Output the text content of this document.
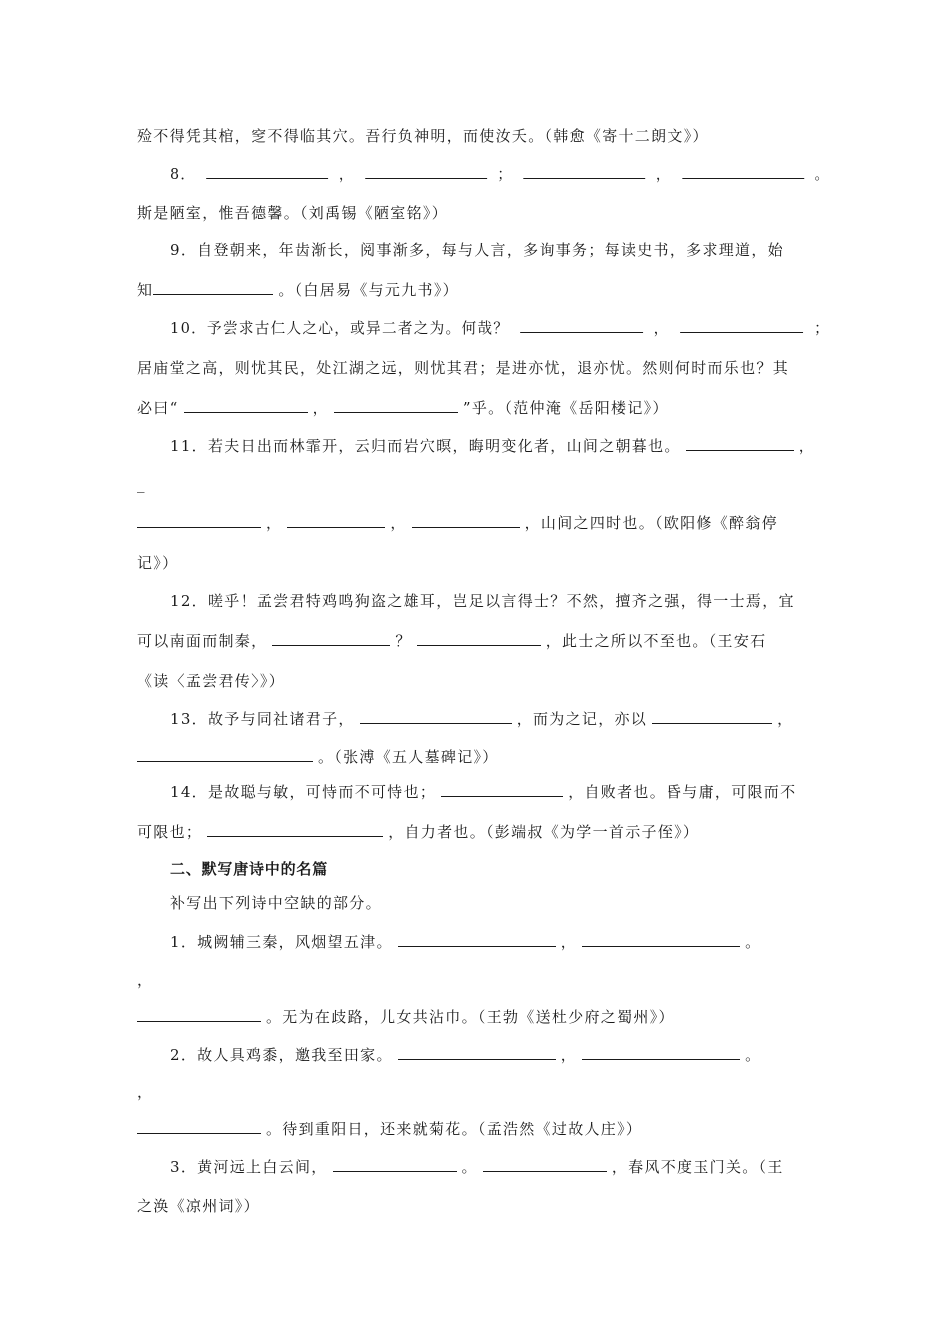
殓不得凭其棺，窆不得临其穴。吾行负神明，而使汝夭。（韩愈《寄十二朗文》）
8．	，	；	，	。
斯是陋室，惟吾德馨。（刘禹锡《陋室铭》）
9．自登朝来，年齿渐长，阅事渐多，每与人言，多询事务；每读史书，多求理道，始
知	。（白居易《与元九书》）
10．予尝求古仁人之心，或异二者之为。何哉？	，	；
居庙堂之高，则忧其民，处江湖之远，则忧其君；是进亦忧，退亦忧。然则何时而乐也？其
必曰“	，	”乎。（范仲淹《岳阳楼记》）
11．若夫日出而林霏开，云归而岩穴暝，晦明变化者，山间之朝暮也。	，
_
，	，	，山间之四时也。（欧阳修《醉翁停
记》）
12．嗟乎！孟尝君特鸡鸣狗盗之雄耳，岂足以言得士？不然，擅齐之强，得一士焉，宜
可以南面而制秦，	？	，此士之所以不至也。（王安石
《读〈孟尝君传〉》）
13．故予与同社诸君子，	，而为之记，亦以	，
。（张溥《五人墓碑记》）
14．是故聪与敏，可恃而不可恃也；	，自败者也。昏与庸，可限而不
可限也；	，自力者也。（彭端叔《为学一首示子侄》）
二、默写唐诗中的名篇
补写出下列诗中空缺的部分。
1．城阙辅三秦，风烟望五津。	，	。
，
。无为在歧路，儿女共沾巾。（王勃《送杜少府之蜀州》）
2．故人具鸡黍，邀我至田家。	，	。
，
。待到重阳日，还来就菊花。（孟浩然《过故人庄》）
3．黄河远上白云间，	。	，春风不度玉门关。（王
之涣《凉州词》）
